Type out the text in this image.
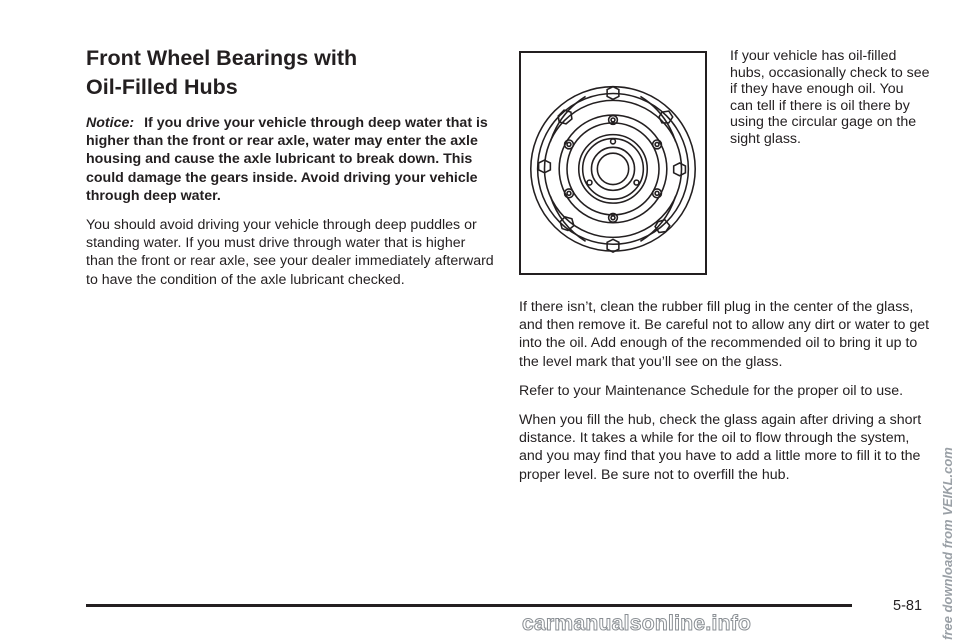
Front Wheel Bearings with
Oil-Filled Hubs

Notice: If you drive your vehicle through deep water that is higher than the front or rear axle, water may enter the axle housing and cause the axle lubricant to break down. This could damage the gears inside. Avoid driving your vehicle through deep water.

You should avoid driving your vehicle through deep puddles or standing water. If you must drive through water that is higher than the front or rear axle, see your dealer immediately afterward to have the condition of the axle lubricant checked.

If your vehicle has oil-filled hubs, occasionally check to see if they have enough oil. You can tell if there is oil there by using the circular gage on the sight glass.

If there isn’t, clean the rubber fill plug in the center of the glass, and then remove it. Be careful not to allow any dirt or water to get into the oil. Add enough of the recommended oil to bring it up to the level mark that you’ll see on the glass.

Refer to your Maintenance Schedule for the proper oil to use.

When you fill the hub, check the glass again after driving a short distance. It takes a while for the oil to flow through the system, and you may find that you have to add a little more to fill it to the proper level. Be sure not to overfill the hub.

5-81	free download from VEIKL.com
carmanualsonline.info
